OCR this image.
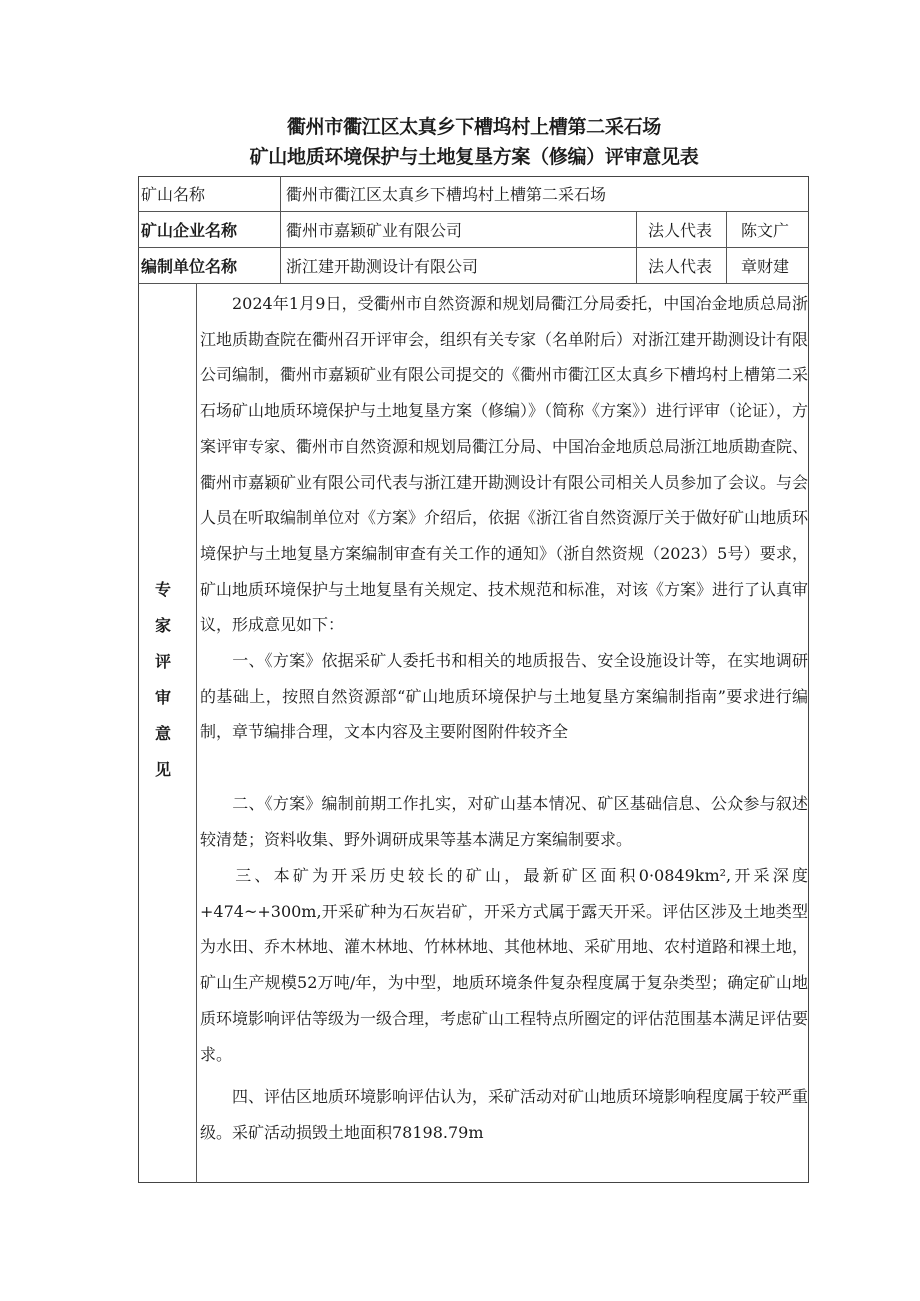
衢州市衢江区太真乡下槽坞村上槽第二采石场
矿山地质环境保护与土地复垦方案（修编）评审意见表
矿山名称	衢州市衢江区太真乡下槽坞村上槽第二采石场
矿山企业名称	衢州市嘉颖矿业有限公司	法人代表 陈文广
编制单位名称	浙江建开勘测设计有限公司	法人代表 章财建
专
家
评
审
意
见

2024年1月9日，受衢州市自然资源和规划局衢江分局委托，中国冶金地质总局浙江地质勘查院在衢州召开评审会，组织有关专家（名单附后）对浙江建开勘测设计有限公司编制，衢州市嘉颖矿业有限公司提交的《衢州市衢江区太真乡下槽坞村上槽第二采石场矿山地质环境保护与土地复垦方案（修编）》（简称《方案》）进行评审（论证），方案评审专家、衢州市自然资源和规划局衢江分局、中国冶金地质总局浙江地质勘查院、衢州市嘉颖矿业有限公司代表与浙江建开勘测设计有限公司相关人员参加了会议。与会人员在听取编制单位对《方案》介绍后，依据《浙江省自然资源厅关于做好矿山地质环境保护与土地复垦方案编制审查有关工作的通知》（浙自然资规（2023）5号）要求，矿山地质环境保护与土地复垦有关规定、技术规范和标准，对该《方案》进行了认真审议，形成意见如下：

一、《方案》依据采矿人委托书和相关的地质报告、安全设施设计等，在实地调研的基础上，按照自然资源部“矿山地质环境保护与土地复垦方案编制指南”要求进行编制，章节编排合理，文本内容及主要附图附件较齐全

二、《方案》编制前期工作扎实，对矿山基本情况、矿区基础信息、公众参与叙述较清楚；资料收集、野外调研成果等基本满足方案编制要求。

三、本矿为开采历史较长的矿山，最新矿区面积0·0849km²,开采深度+474~+300m,开采矿种为石灰岩矿，开采方式属于露天开采。评估区涉及土地类型为水田、乔木林地、灌木林地、竹林林地、其他林地、采矿用地、农村道路和裸土地，矿山生产规模52万吨/年，为中型，地质环境条件复杂程度属于复杂类型；确定矿山地质环境影响评估等级为一级合理，考虑矿山工程特点所圈定的评估范围基本满足评估要求。

四、评估区地质环境影响评估认为，采矿活动对矿山地质环境影响程度属于较严重级。采矿活动损毁土地面积78198.79m
